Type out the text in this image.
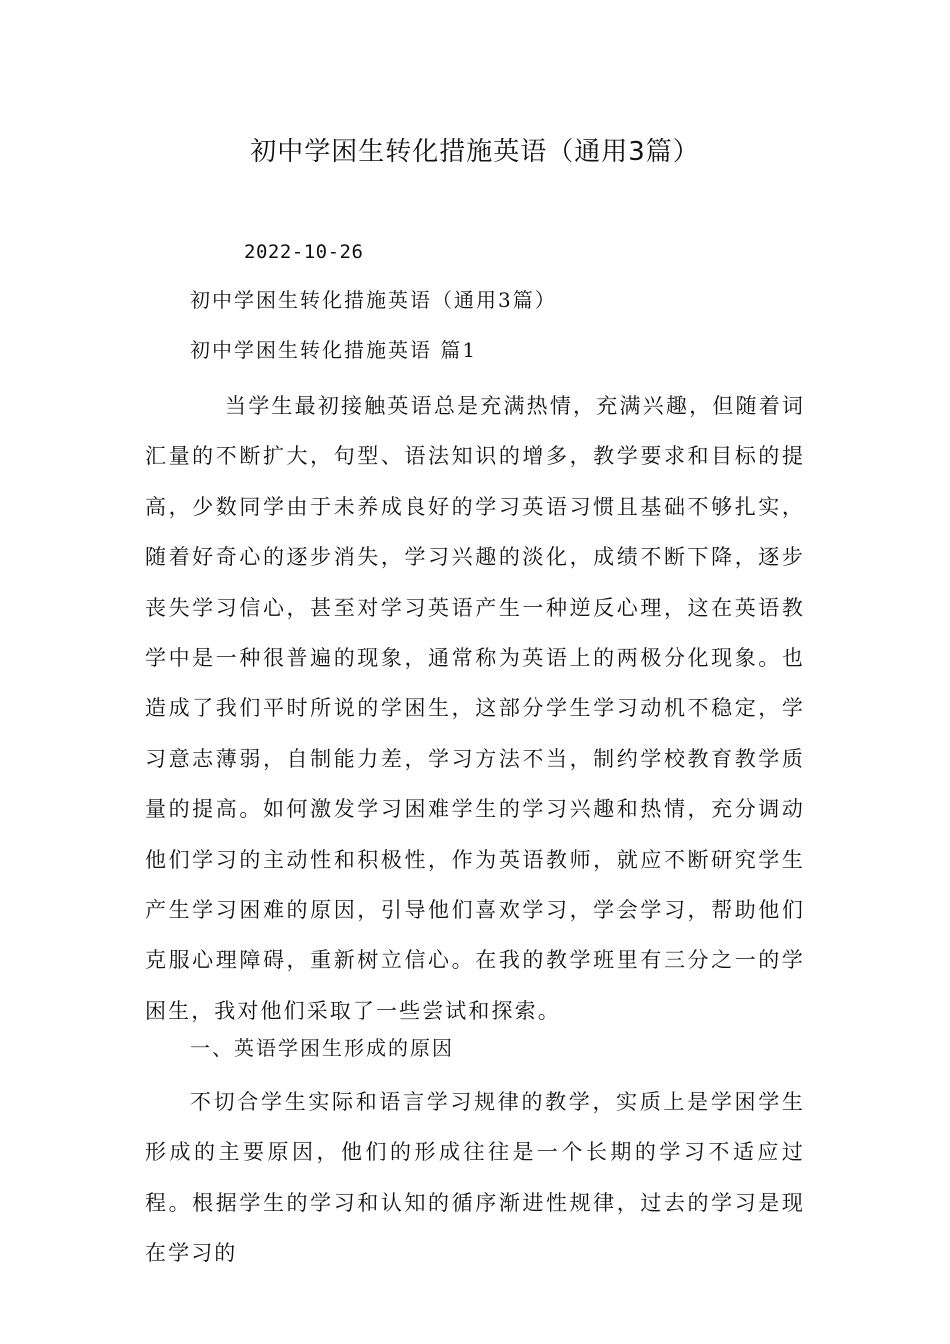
初中学困生转化措施英语（通用3篇）
2022-10-26
初中学困生转化措施英语（通用3篇）
初中学困生转化措施英语 篇1

当学生最初接触英语总是充满热情，充满兴趣，但随着词汇量的不断扩大，句型、语法知识的增多，教学要求和目标的提高，少数同学由于未养成良好的学习英语习惯且基础不够扎实，随着好奇心的逐步消失，学习兴趣的淡化，成绩不断下降，逐步丧失学习信心，甚至对学习英语产生一种逆反心理，这在英语教学中是一种很普遍的现象，通常称为英语上的两极分化现象。也造成了我们平时所说的学困生，这部分学生学习动机不稳定，学习意志薄弱，自制能力差，学习方法不当，制约学校教育教学质量的提高。如何激发学习困难学生的学习兴趣和热情，充分调动他们学习的主动性和积极性，作为英语教师，就应不断研究学生产生学习困难的原因，引导他们喜欢学习，学会学习，帮助他们克服心理障碍，重新树立信心。在我的教学班里有三分之一的学困生，我对他们采取了一些尝试和探索。

一、英语学困生形成的原因

不切合学生实际和语言学习规律的教学，实质上是学困学生形成的主要原因，他们的形成往往是一个长期的学习不适应过程。根据学生的学习和认知的循序渐进性规律，过去的学习是现在学习的
